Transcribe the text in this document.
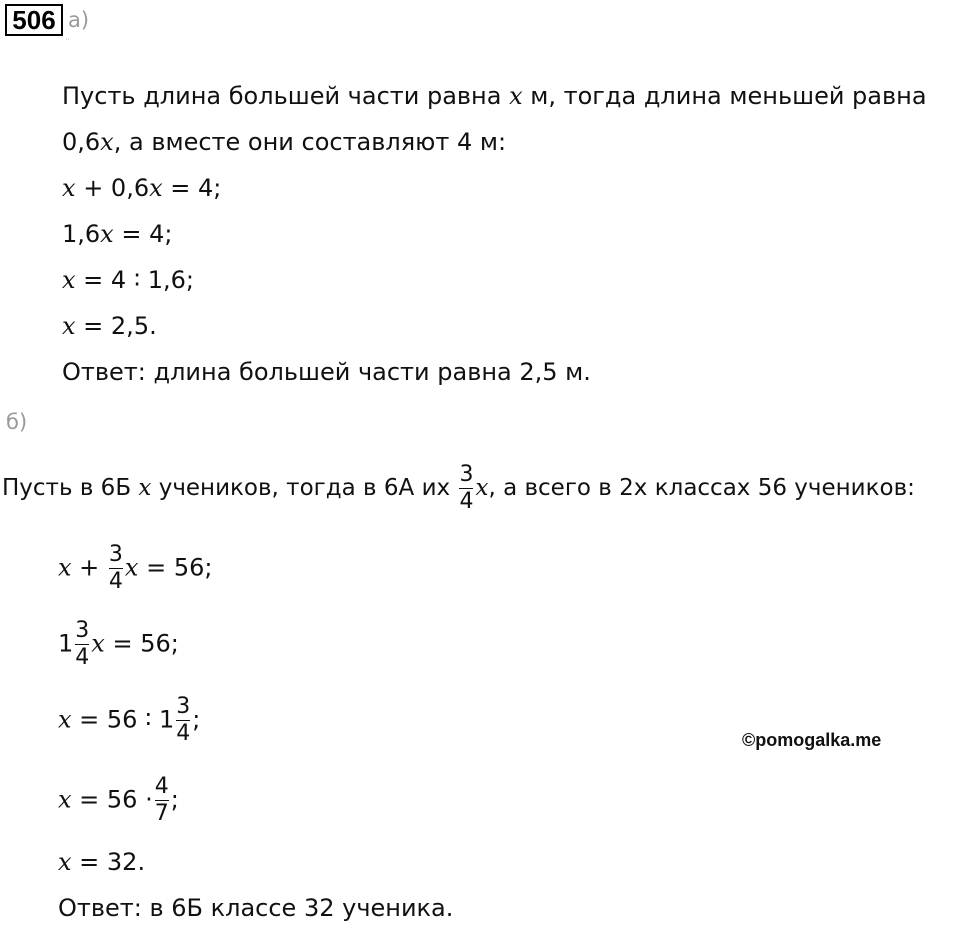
506 а)
¨
Пусть длина большей части равна x м, тогда длина меньшей равна
0,6x, а вместе они составляют 4 м:
x + 0,6x = 4;
1,6x = 4;
x = 4 ∶ 1,6;
x = 2,5.
Ответ: длина большей части равна 2,5 м.
б)
Пусть в 6Б x учеников, тогда в 6А их $\frac{3}{4} x$, а всего в 2х классах 56 учеников:
$x + \frac{3}{4}$ x = 56;
$1 \frac{3}{4}$ x = 56;
x = 56 ∶ $1 \frac{3}{4}$ ;
$x = 56 \cdot \frac{4}{7}$ ;
x = 32.
Ответ: в 6Б классе 32 ученика.
©pomogalka.me
